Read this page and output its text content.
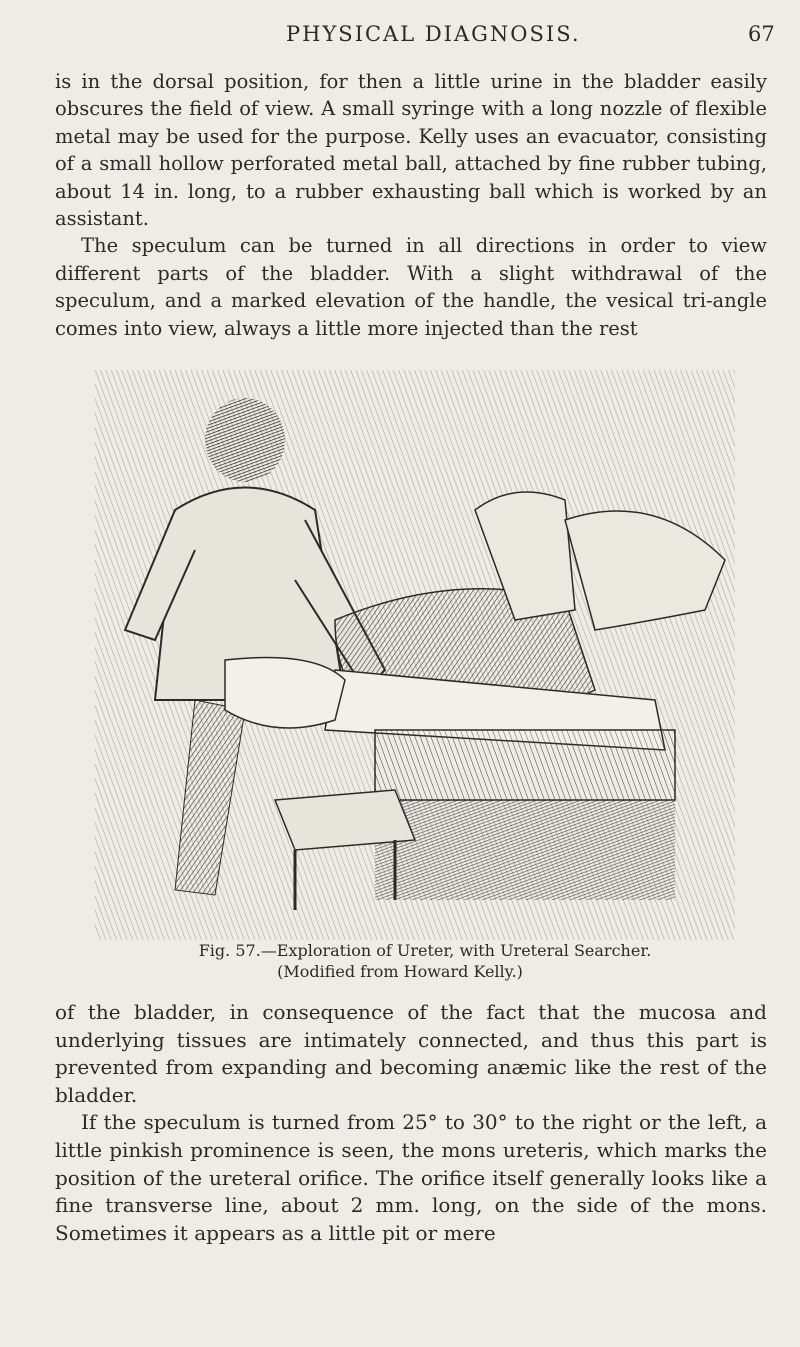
PHYSICAL DIAGNOSIS.	67

is in the dorsal position, for then a little urine in the bladder easily obscures the field of view. A small syringe with a long nozzle of flexible metal may be used for the purpose. Kelly uses an evacuator, consisting of a small hollow perforated metal ball, attached by fine rubber tubing, about 14 in. long, to a rubber exhausting ball which is worked by an assistant.

The speculum can be turned in all directions in order to view different parts of the bladder. With a slight withdrawal of the speculum, and a marked elevation of the handle, the vesical tri-angle comes into view, always a little more injected than the rest

Fig. 57.—Exploration of Ureter, with Ureteral Searcher.
(Modified from Howard Kelly.)

of the bladder, in consequence of the fact that the mucosa and underlying tissues are intimately connected, and thus this part is prevented from expanding and becoming anæmic like the rest of the bladder.

If the speculum is turned from 25° to 30° to the right or the left, a little pinkish prominence is seen, the mons ureteris, which marks the position of the ureteral orifice. The orifice itself generally looks like a fine transverse line, about 2 mm. long, on the side of the mons. Sometimes it appears as a little pit or mere
